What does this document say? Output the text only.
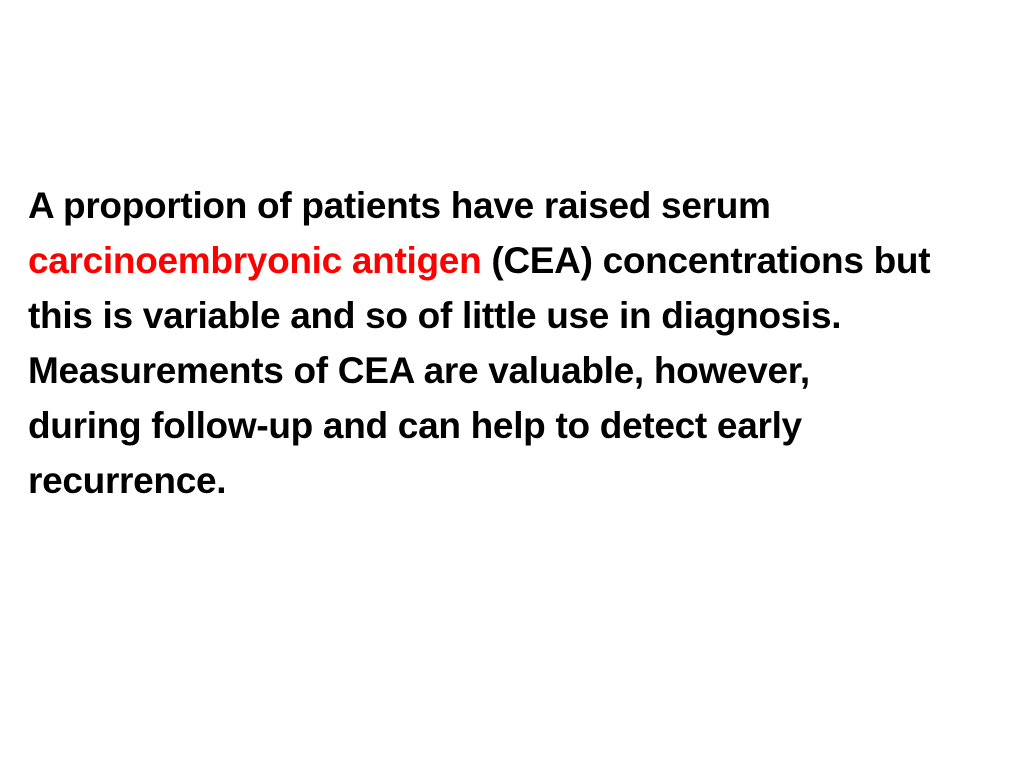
A proportion of patients have raised serum
carcinoembryonic antigen (CEA) concentrations but
this is variable and so of little use in diagnosis.
Measurements of CEA are valuable, however,
during follow-up and can help to detect early
recurrence.
